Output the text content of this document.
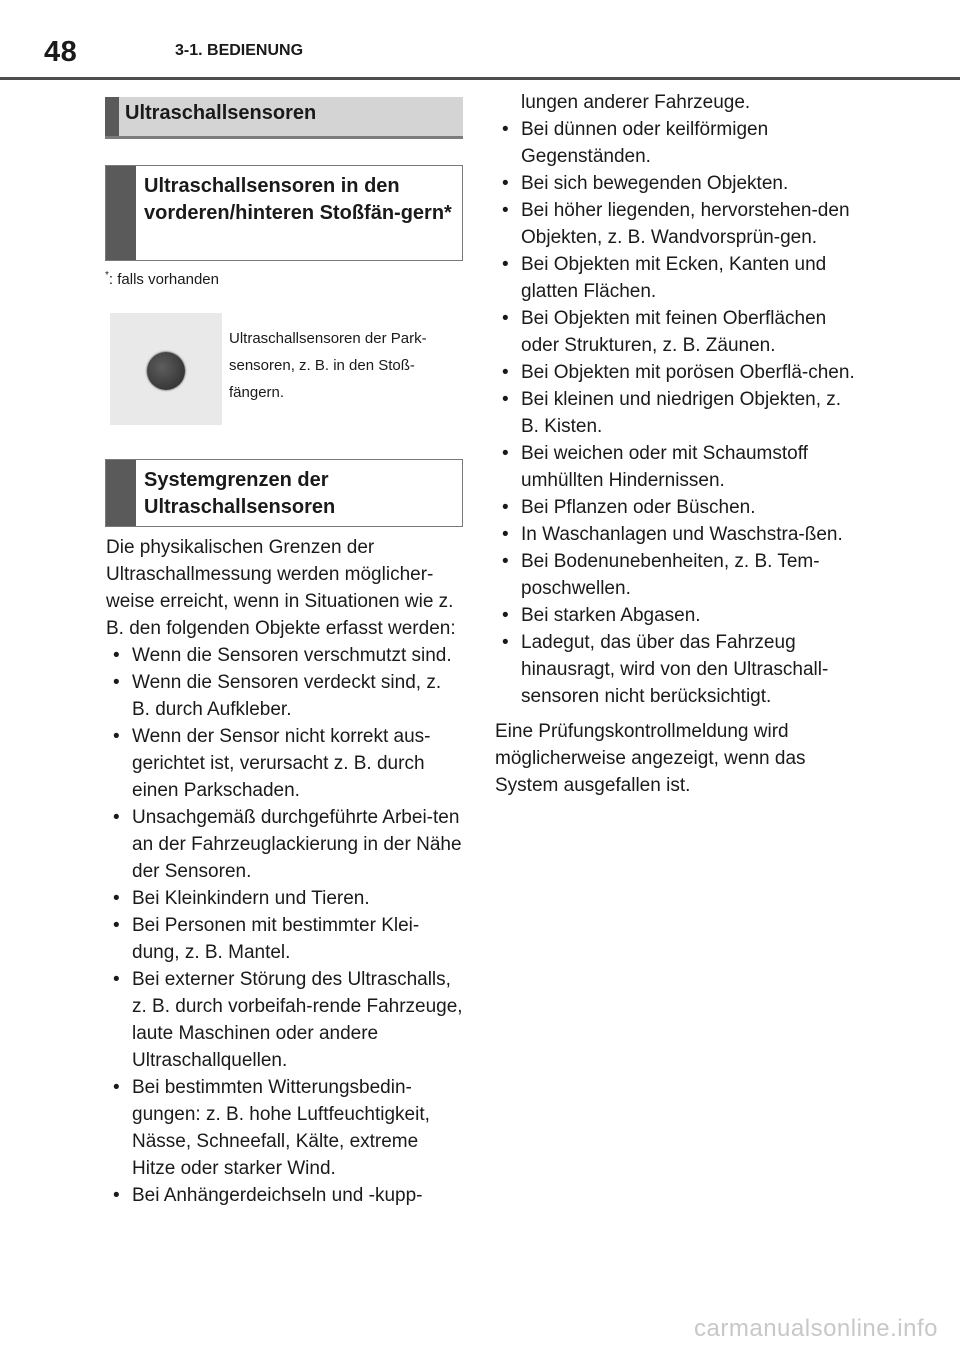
48	3-1. BEDIENUNG
Ultraschallsensoren
Ultraschallsensoren in den vorderen/hinteren Stoßfän-gern*
*: falls vorhanden
Ultraschallsensoren der Park-sensoren, z. B. in den Stoß-fängern.
Systemgrenzen der Ultraschallsensoren

Die physikalischen Grenzen der Ultraschallmessung werden möglicher-weise erreicht, wenn in Situationen wie z. B. den folgenden Objekte erfasst werden:

• Wenn die Sensoren verschmutzt sind.
• Wenn die Sensoren verdeckt sind, z. B. durch Aufkleber.
• Wenn der Sensor nicht korrekt aus-gerichtet ist, verursacht z. B. durch einen Parkschaden.
• Unsachgemäß durchgeführte Arbei-ten an der Fahrzeuglackierung in der Nähe der Sensoren.
• Bei Kleinkindern und Tieren.
• Bei Personen mit bestimmter Klei-dung, z. B. Mantel.
• Bei externer Störung des Ultraschalls, z. B. durch vorbeifah-rende Fahrzeuge, laute Maschinen oder andere Ultraschallquellen.
• Bei bestimmten Witterungsbedin-gungen: z. B. hohe Luftfeuchtigkeit, Nässe, Schneefall, Kälte, extreme Hitze oder starker Wind.
• Bei Anhängerdeichseln und -kupp-
lungen anderer Fahrzeuge.
• Bei dünnen oder keilförmigen Gegenständen.
• Bei sich bewegenden Objekten.
• Bei höher liegenden, hervorstehen-den Objekten, z. B. Wandvorsprün-gen.
• Bei Objekten mit Ecken, Kanten und glatten Flächen.
• Bei Objekten mit feinen Oberflächen oder Strukturen, z. B. Zäunen.
• Bei Objekten mit porösen Oberflä-chen.
• Bei kleinen und niedrigen Objekten, z. B. Kisten.
• Bei weichen oder mit Schaumstoff umhüllten Hindernissen.
• Bei Pflanzen oder Büschen.
• In Waschanlagen und Waschstra-ßen.
• Bei Bodenunebenheiten, z. B. Tem-poschwellen.
• Bei starken Abgasen.
• Ladegut, das über das Fahrzeug hinausragt, wird von den Ultraschall-sensoren nicht berücksichtigt.

Eine Prüfungskontrollmeldung wird möglicherweise angezeigt, wenn das System ausgefallen ist.

carmanualsonline.info
